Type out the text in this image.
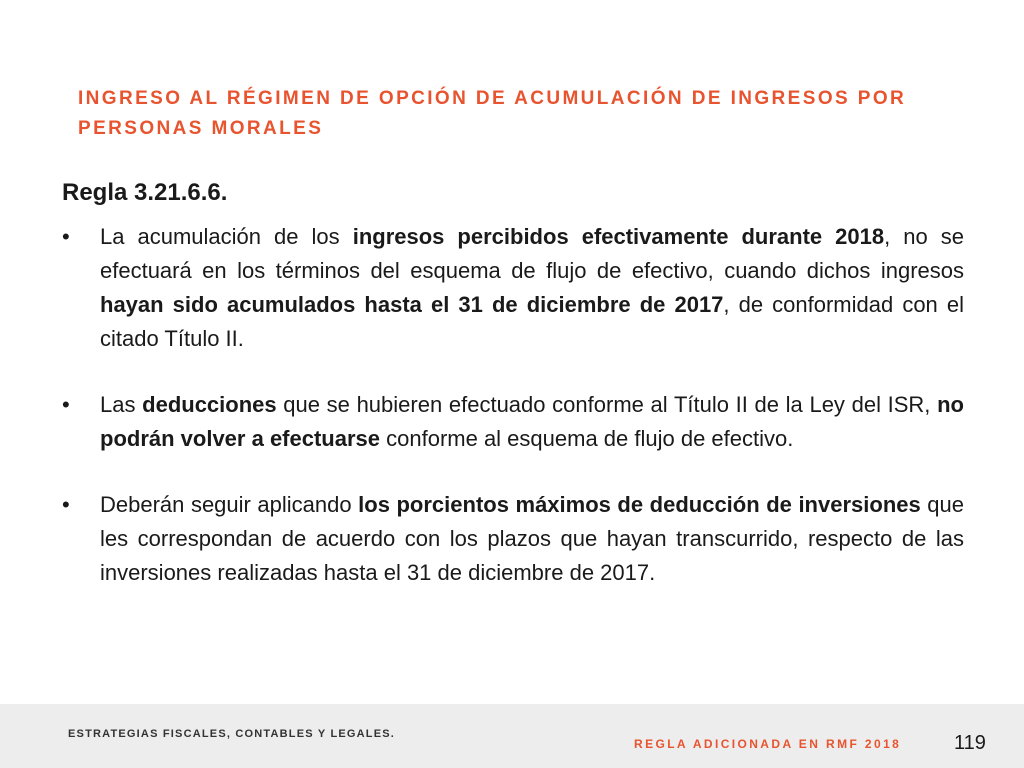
INGRESO AL RÉGIMEN DE OPCIÓN DE ACUMULACIÓN DE INGRESOS POR PERSONAS MORALES
Regla 3.21.6.6.
• La acumulación de los ingresos percibidos efectivamente durante 2018, no se efectuará en los términos del esquema de flujo de efectivo, cuando dichos ingresos hayan sido acumulados hasta el 31 de diciembre de 2017, de conformidad con el citado Título II.
• Las deducciones que se hubieren efectuado conforme al Título II de la Ley del ISR, no podrán volver a efectuarse conforme al esquema de flujo de efectivo.
• Deberán seguir aplicando los porcientos máximos de deducción de inversiones que les correspondan de acuerdo con los plazos que hayan transcurrido, respecto de las inversiones realizadas hasta el 31 de diciembre de 2017.
ESTRATEGIAS FISCALES, CONTABLES Y LEGALES.
REGLA ADICIONADA EN RMF 2018	119
